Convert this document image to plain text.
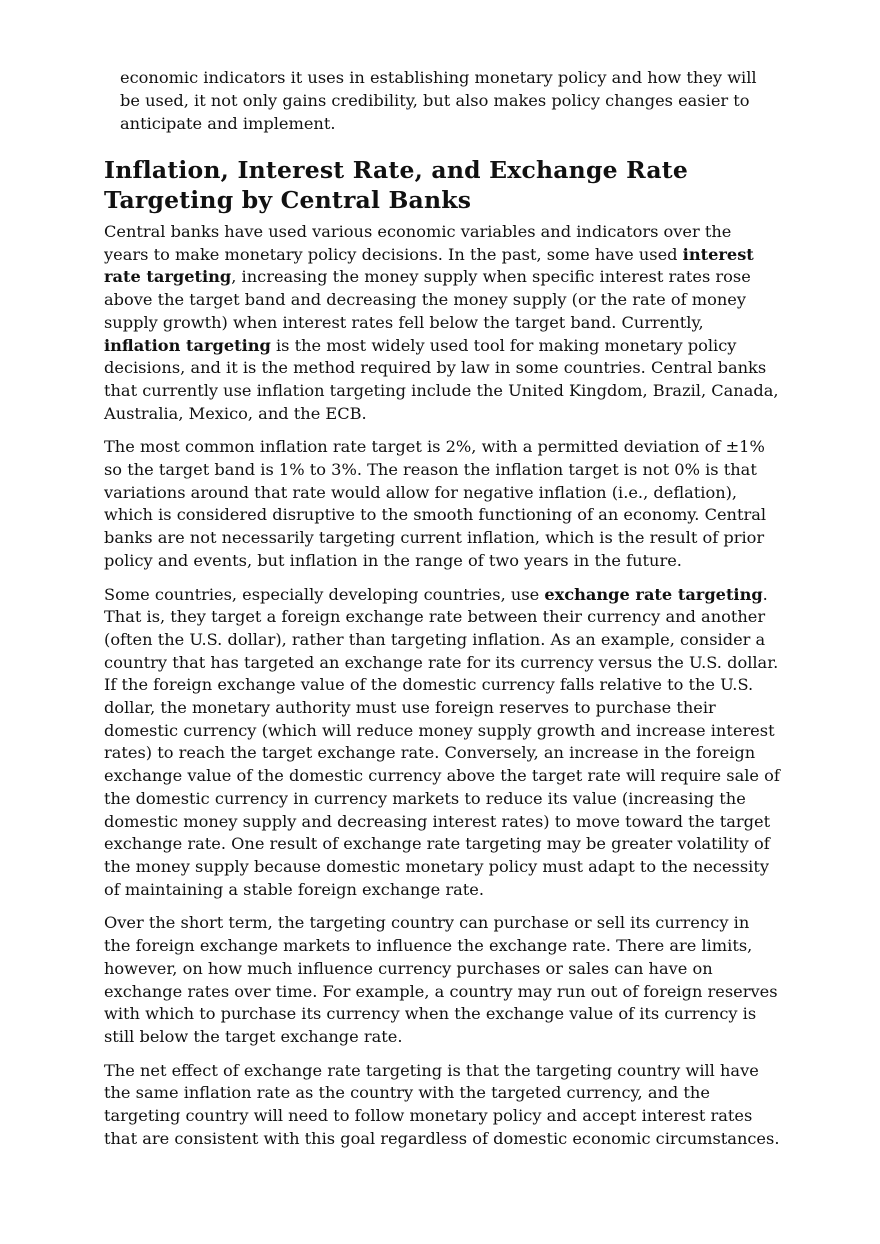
economic indicators it uses in establishing monetary policy and how they will be used, it not only gains credibility, but also makes policy changes easier to anticipate and implement.

Inflation, Interest Rate, and Exchange Rate Targeting by Central Banks

Central banks have used various economic variables and indicators over the years to make monetary policy decisions. In the past, some have used interest rate targeting, increasing the money supply when specific interest rates rose above the target band and decreasing the money supply (or the rate of money supply growth) when interest rates fell below the target band. Currently, inflation targeting is the most widely used tool for making monetary policy decisions, and it is the method required by law in some countries. Central banks that currently use inflation targeting include the United Kingdom, Brazil, Canada, Australia, Mexico, and the ECB.

The most common inflation rate target is 2%, with a permitted deviation of ±1% so the target band is 1% to 3%. The reason the inflation target is not 0% is that variations around that rate would allow for negative inflation (i.e., deflation), which is considered disruptive to the smooth functioning of an economy. Central banks are not necessarily targeting current inflation, which is the result of prior policy and events, but inflation in the range of two years in the future.

Some countries, especially developing countries, use exchange rate targeting. That is, they target a foreign exchange rate between their currency and another (often the U.S. dollar), rather than targeting inflation. As an example, consider a country that has targeted an exchange rate for its currency versus the U.S. dollar. If the foreign exchange value of the domestic currency falls relative to the U.S. dollar, the monetary authority must use foreign reserves to purchase their domestic currency (which will reduce money supply growth and increase interest rates) to reach the target exchange rate. Conversely, an increase in the foreign exchange value of the domestic currency above the target rate will require sale of the domestic currency in currency markets to reduce its value (increasing the domestic money supply and decreasing interest rates) to move toward the target exchange rate. One result of exchange rate targeting may be greater volatility of the money supply because domestic monetary policy must adapt to the necessity of maintaining a stable foreign exchange rate.

Over the short term, the targeting country can purchase or sell its currency in the foreign exchange markets to influence the exchange rate. There are limits, however, on how much influence currency purchases or sales can have on exchange rates over time. For example, a country may run out of foreign reserves with which to purchase its currency when the exchange value of its currency is still below the target exchange rate.

The net effect of exchange rate targeting is that the targeting country will have the same inflation rate as the country with the targeted currency, and the targeting country will need to follow monetary policy and accept interest rates that are consistent with this goal regardless of domestic economic circumstances.
